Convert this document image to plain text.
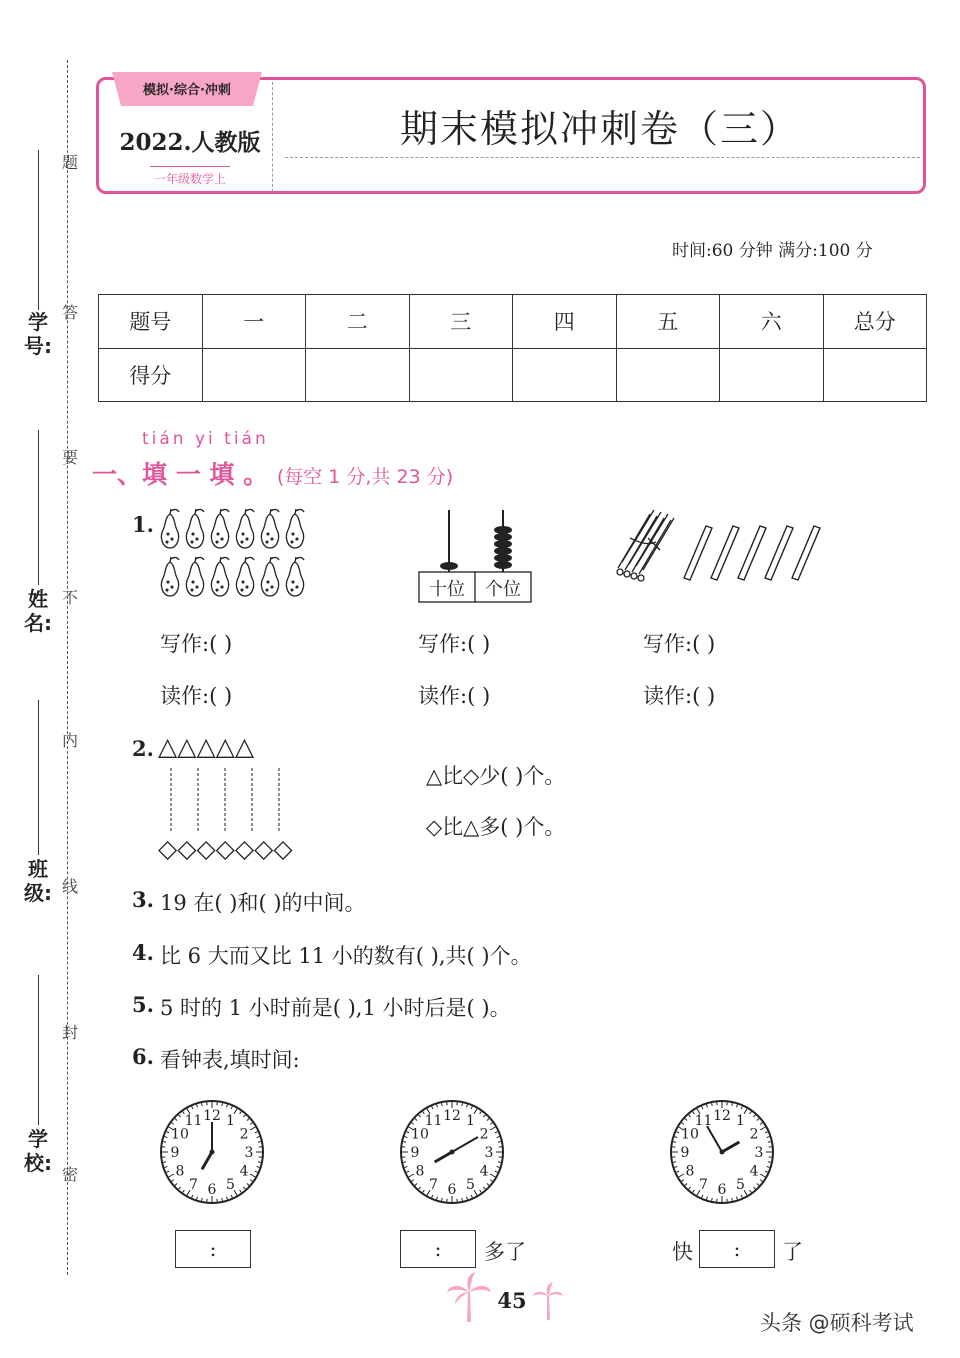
学号:
姓名:
班级:
学校:
题
答
要
不
内
线
封
密
模拟·综合·冲刺
2022.人教版
一年级数学上
期末模拟冲刺卷（三）
时间:60 分钟 满分:100 分
题号	一	二	三	四	五	六	总分
得分							
tián yi tián
一、填 一 填 。 (每空 1 分,共 23 分)
1.
十位	个位
写作:( )
读作:( )
写作:( )
读作:( )
写作:( )
读作:( )
2. △△△△△
◇◇◇◇◇◇◇
△比◇少( )个。
◇比△多( )个。
3. 19 在( )和( )的中间。
4. 比 6 大而又比 11 小的数有( ),共( )个。
5. 5 时的 1 小时前是( ),1 小时后是( )。
6. 看钟表,填时间:
12 1
2
3
4
5
6
7
8
9
10
11	12 1
2
3
4
5
6
7
8
9
10
11	12 1
2
3
4
5
6
7
8
9
10
11
:	:	多了	快	:	了
45
头条 @硕科考试
